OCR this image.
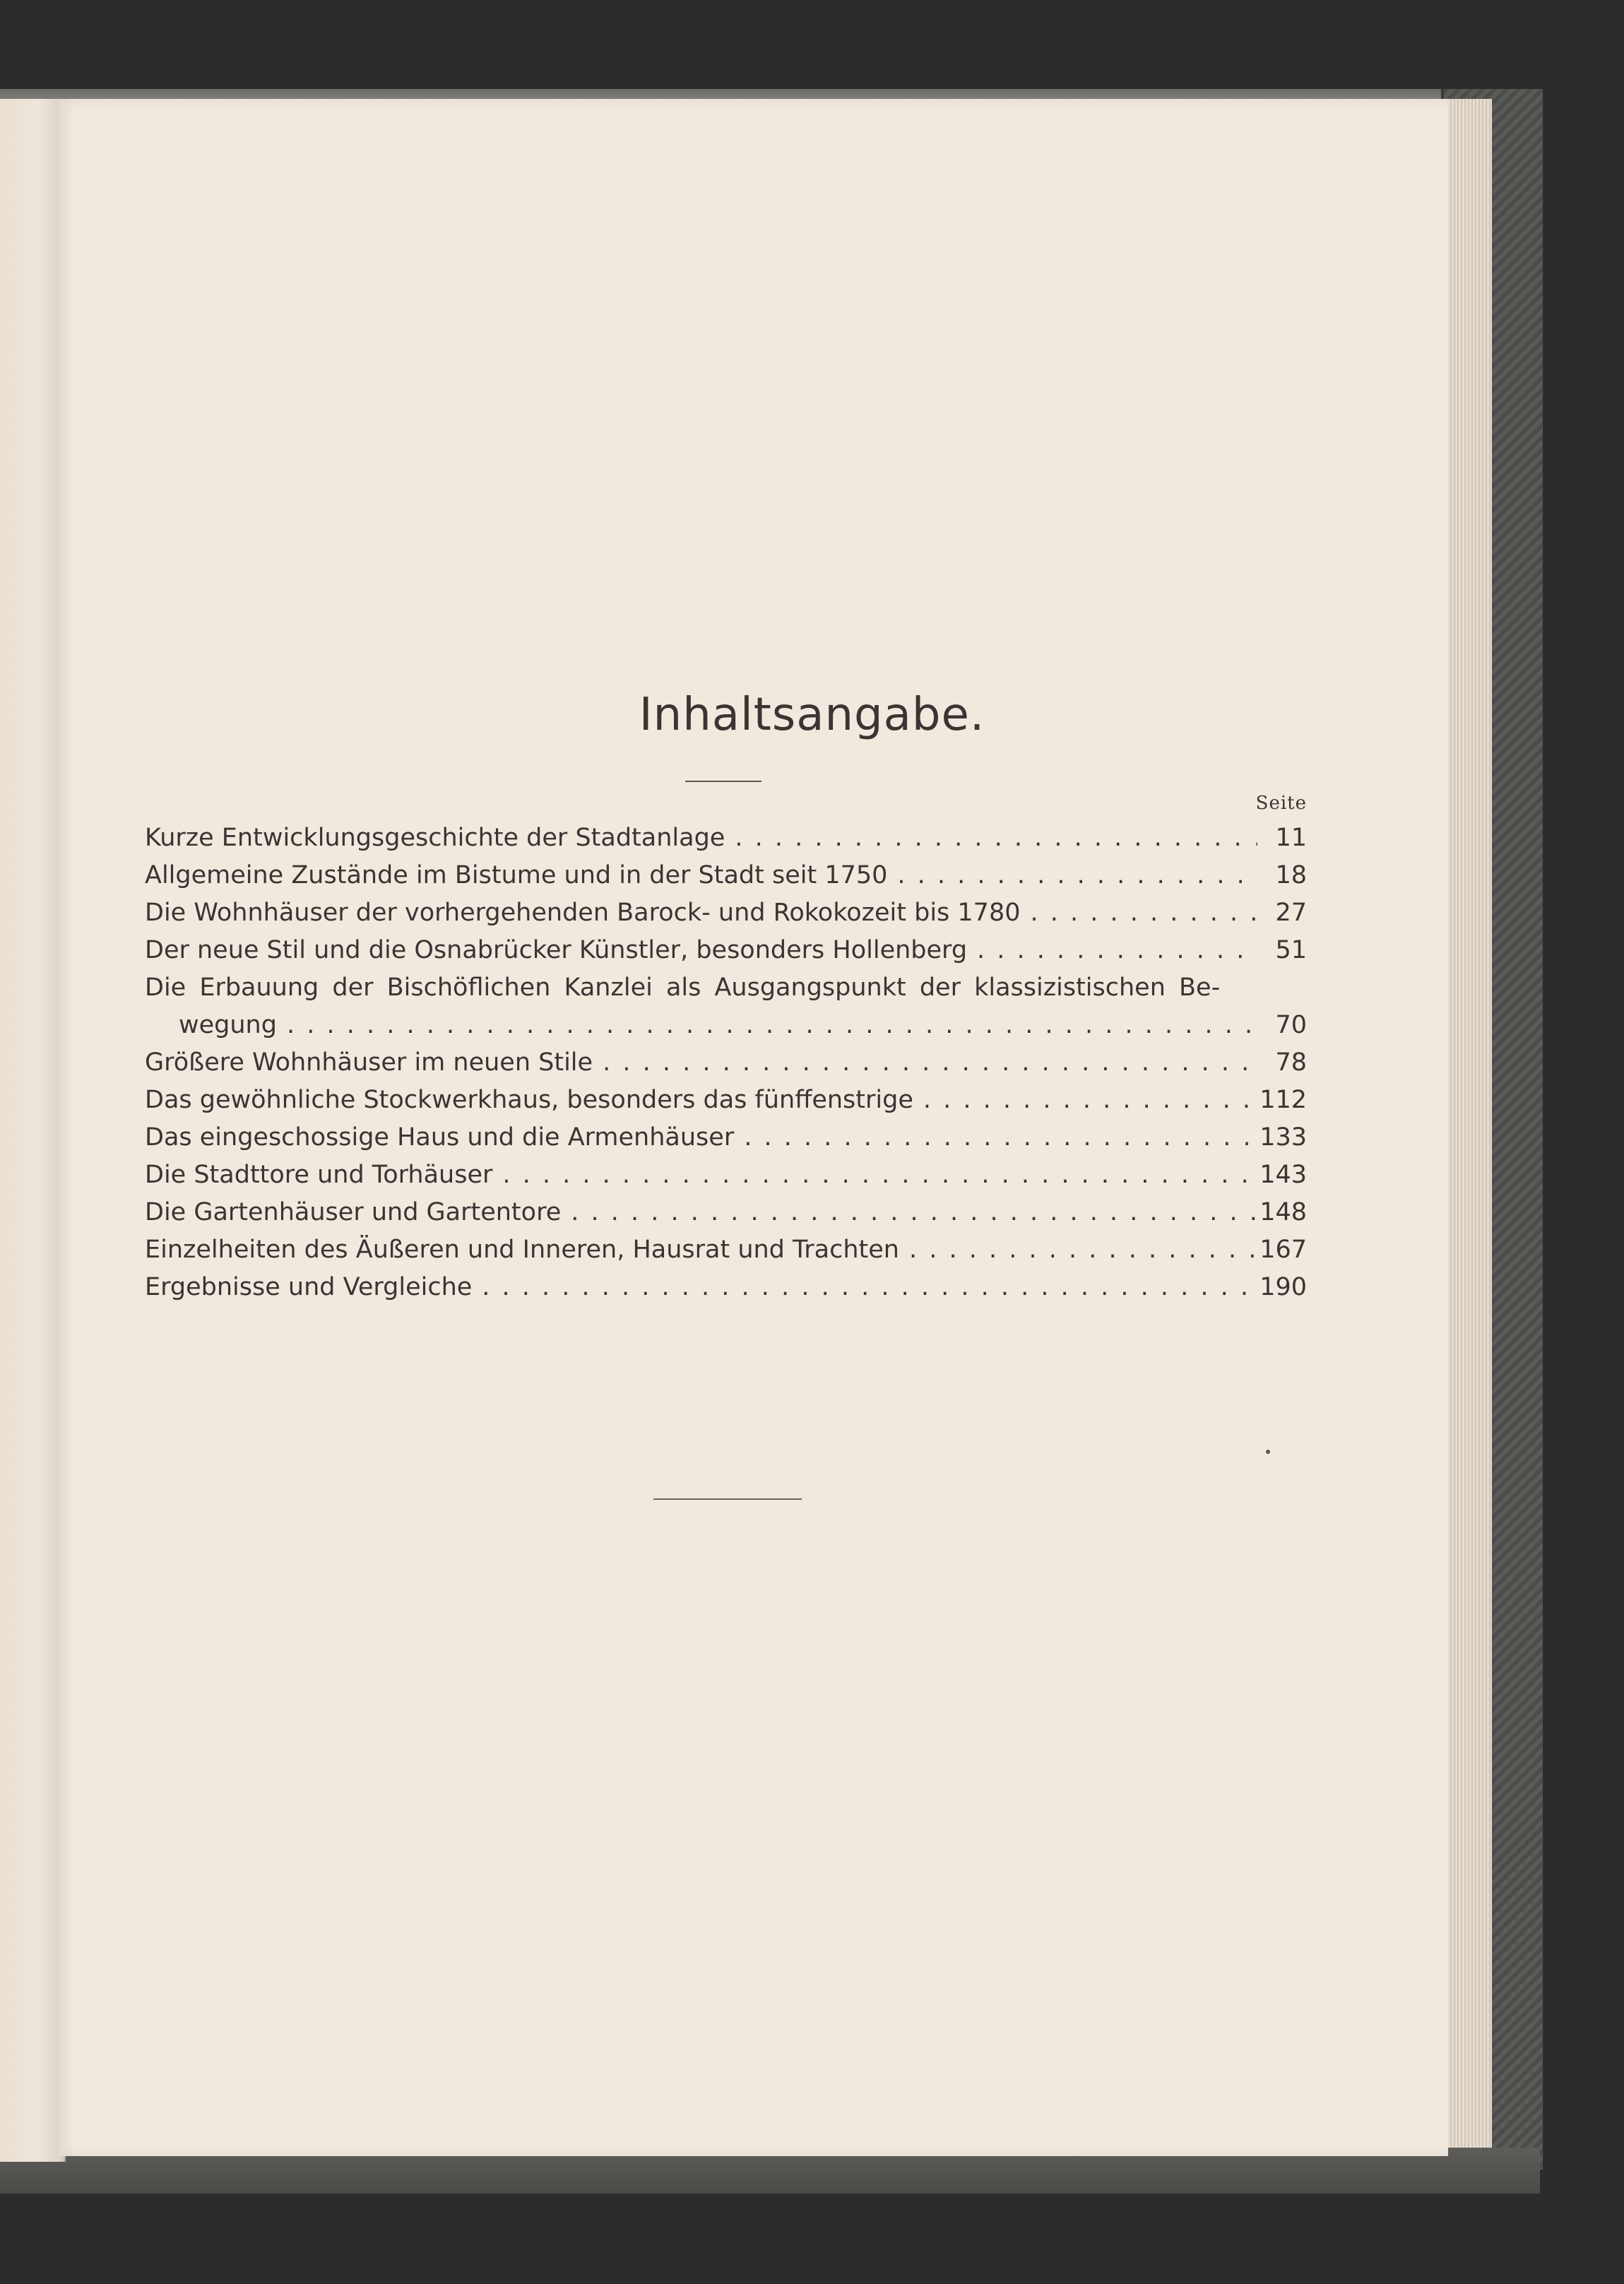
Inhaltsangabe.
Seite
Kurze Entwicklungsgeschichte der Stadtanlage . . .	11
Allgemeine Zustände im Bistume und in der Stadt seit 1750 . . .	18
Die Wohnhäuser der vorhergehenden Barock- und Rokokozeit bis 1780 . . .	27
Der neue Stil und die Osnabrücker Künstler, besonders Hollenberg . . .	51
Die Erbauung der Bischöflichen Kanzlei als Ausgangspunkt der klassizistischen Be-
wegung . . .	70
Größere Wohnhäuser im neuen Stile . . .	78
Das gewöhnliche Stockwerkhaus, besonders das fünffenstrige . . .	112
Das eingeschossige Haus und die Armenhäuser . . .	133
Die Stadttore und Torhäuser . . .	143
Die Gartenhäuser und Gartentore . . .	148
Einzelheiten des Äußeren und Inneren, Hausrat und Trachten . . .	167
Ergebnisse und Vergleiche . . .	190
